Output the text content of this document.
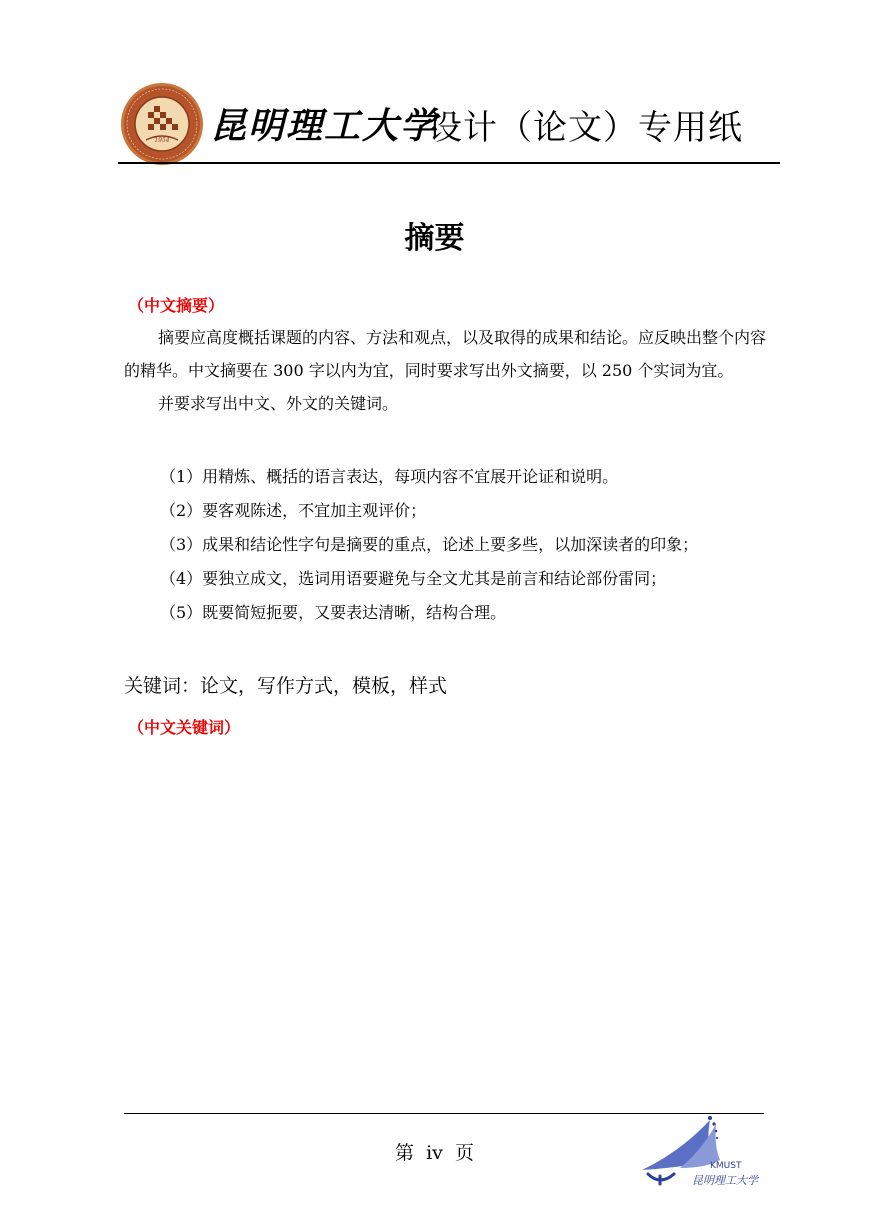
1954 昆明理工大学
设计（论文）专用纸
摘要
（中文摘要）

摘要应高度概括课题的内容、方法和观点，以及取得的成果和结论。应反映出整个内容的精华。中文摘要在 300 字以内为宜，同时要求写出外文摘要，以 250 个实词为宜。

并要求写出中文、外文的关键词。

（1）用精炼、概括的语言表达，每项内容不宜展开论证和说明。
（2）要客观陈述，不宜加主观评价；
（3）成果和结论性字句是摘要的重点，论述上要多些，以加深读者的印象；
（4）要独立成文，选词用语要避免与全文尤其是前言和结论部份雷同；
（5）既要简短扼要，又要表达清晰，结构合理。
关键词：论文，写作方式，模板，样式
（中文关键词）
第  iv  页
KMUST
昆明理工大学
